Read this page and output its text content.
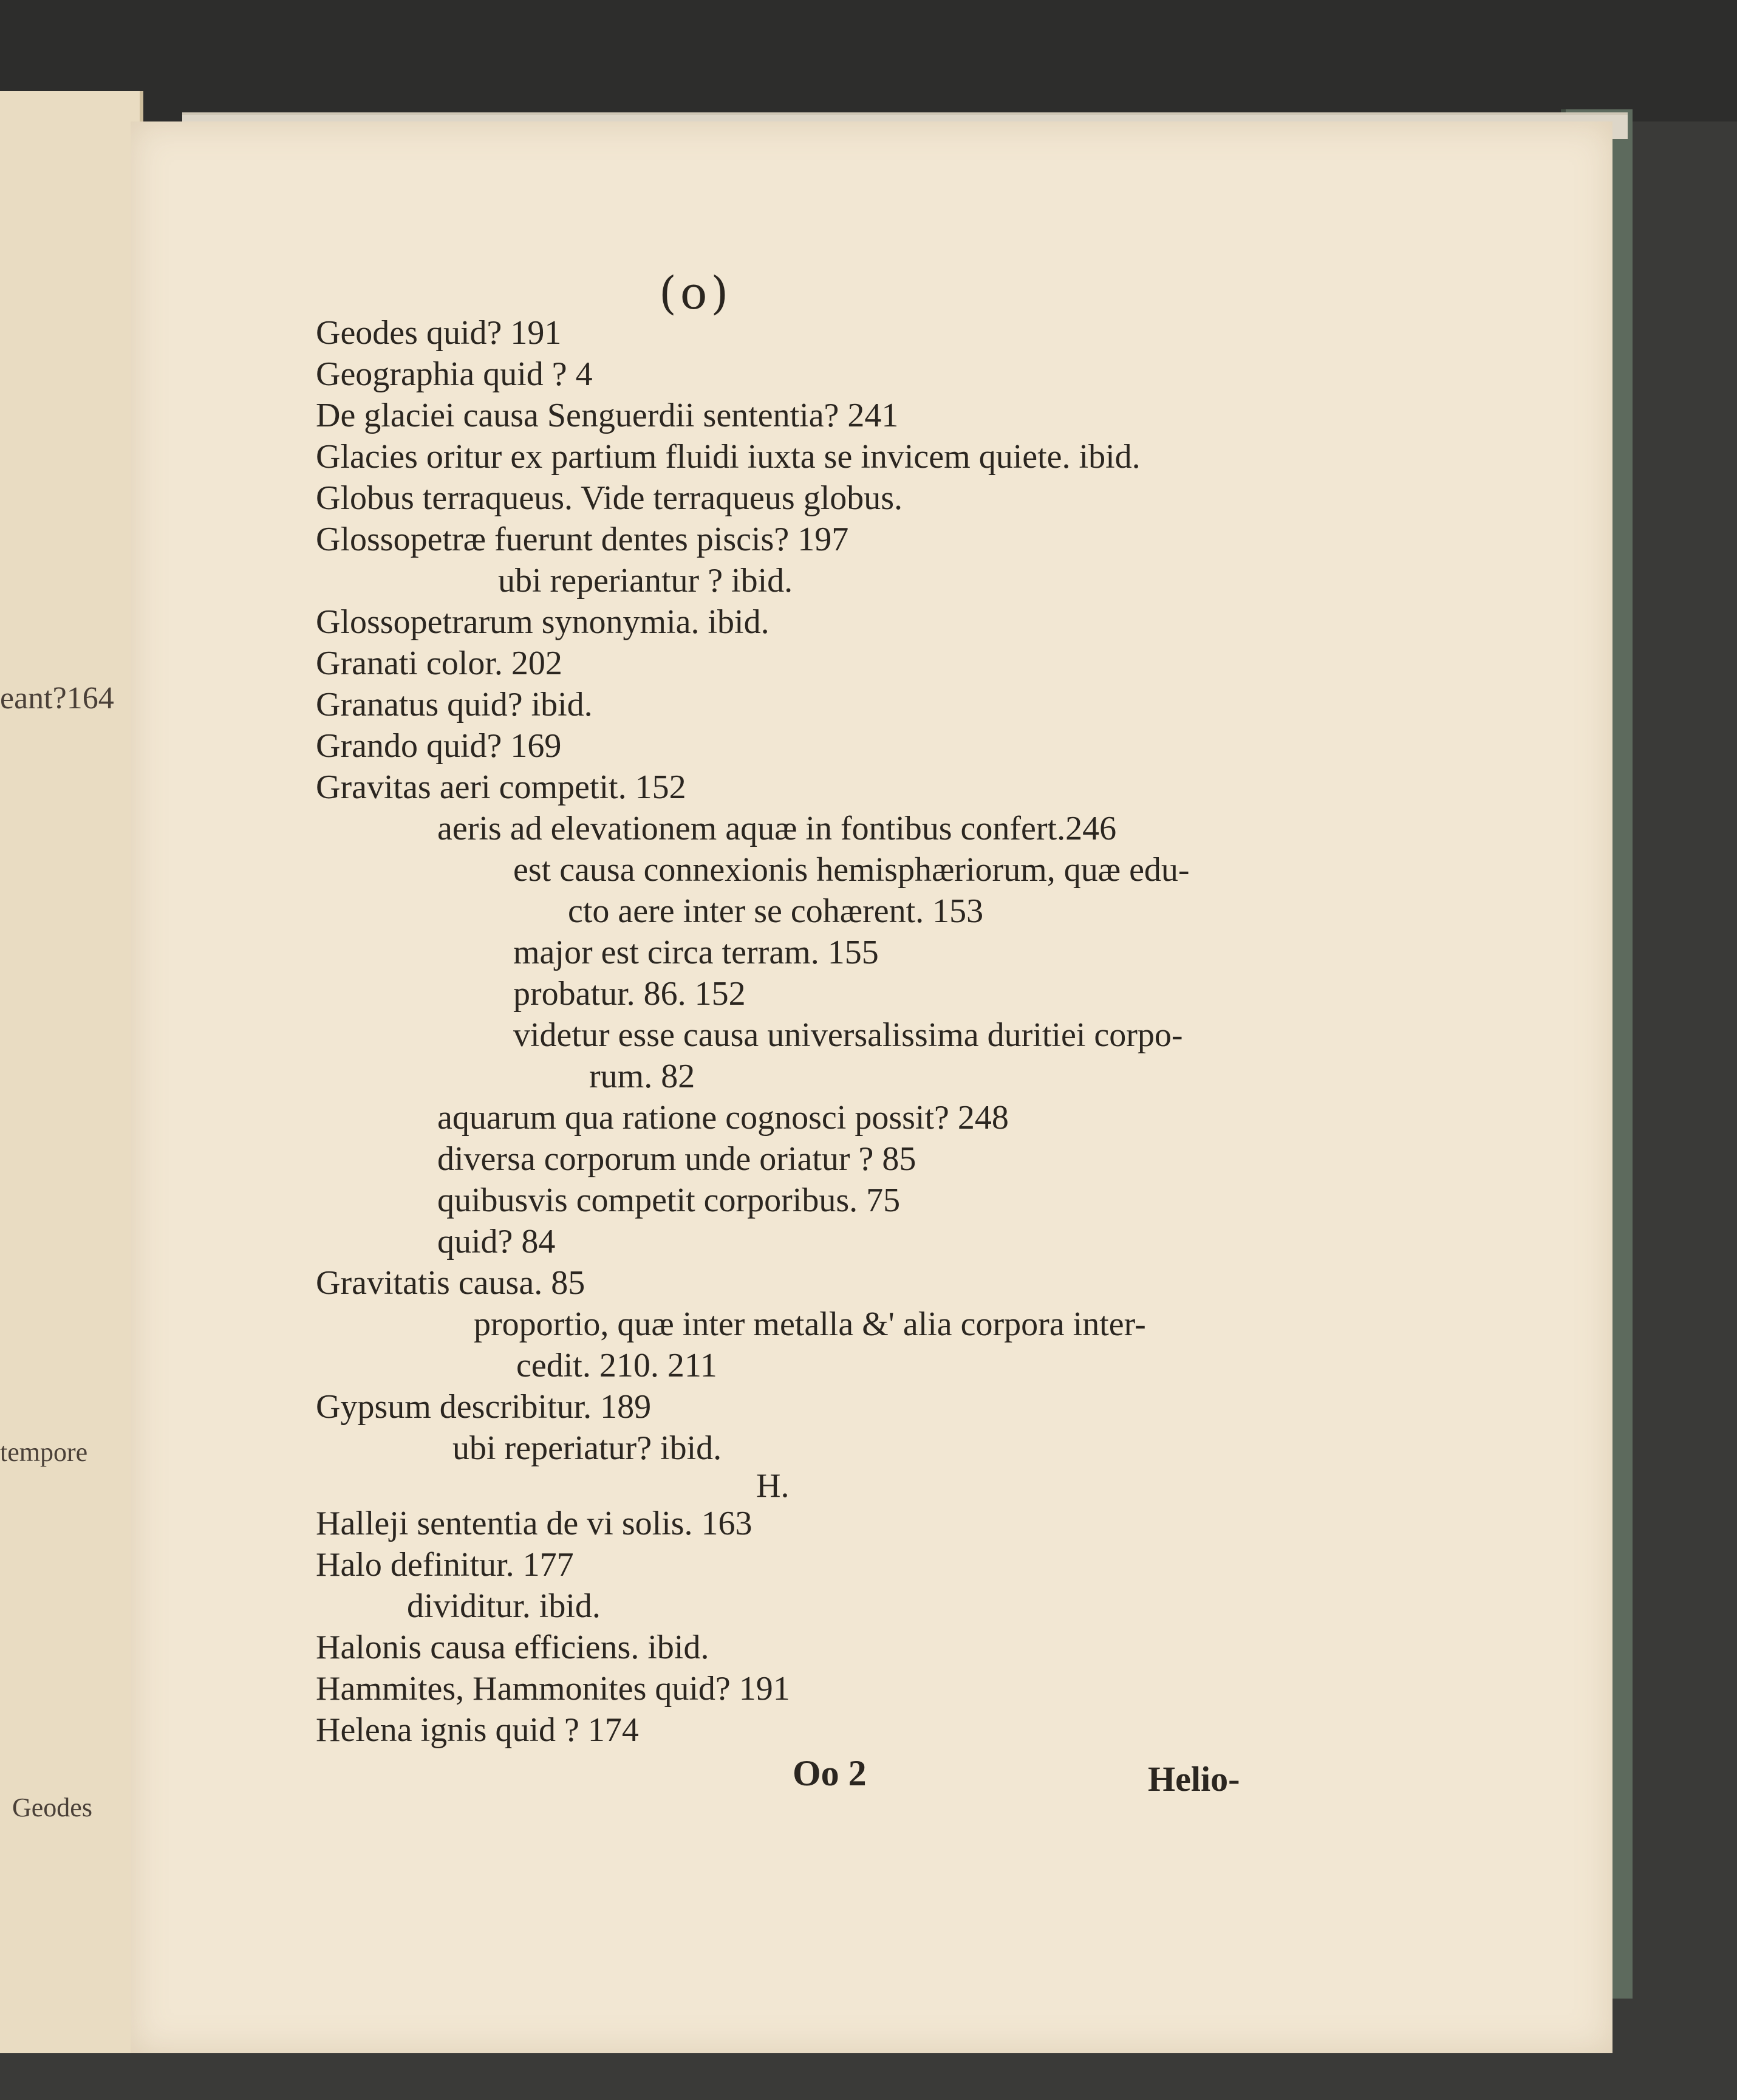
eant?164
tempore
Geodes
(o)
Geodes quid? 191
Geographia quid ? 4
De glaciei causa Senguerdii sententia? 241
Glacies oritur ex partium fluidi iuxta se invicem quiete. ibid.
Globus terraqueus. Vide terraqueus globus.
Glossopetræ fuerunt dentes piscis? 197
ubi reperiantur ? ibid.
Glossopetrarum synonymia. ibid.
Granati color. 202
Granatus quid? ibid.
Grando quid? 169
Gravitas aeri competit. 152
aeris ad elevationem aquæ in fontibus confert.246
est causa connexionis hemisphæriorum, quæ edu-
cto aere inter se cohærent. 153
major est circa terram. 155
probatur. 86. 152
videtur esse causa universalissima duritiei corpo-
rum. 82
aquarum qua ratione cognosci possit? 248
diversa corporum unde oriatur ? 85
quibusvis competit corporibus. 75
quid? 84
Gravitatis causa. 85
proportio, quæ inter metalla &' alia corpora inter-
cedit. 210. 211
Gypsum describitur. 189
ubi reperiatur? ibid.
H.
Halleji sententia de vi solis. 163
Halo definitur. 177
dividitur. ibid.
Halonis causa efficiens. ibid.
Hammites, Hammonites quid? 191
Helena ignis quid ? 174
Oo 2	Helio-
